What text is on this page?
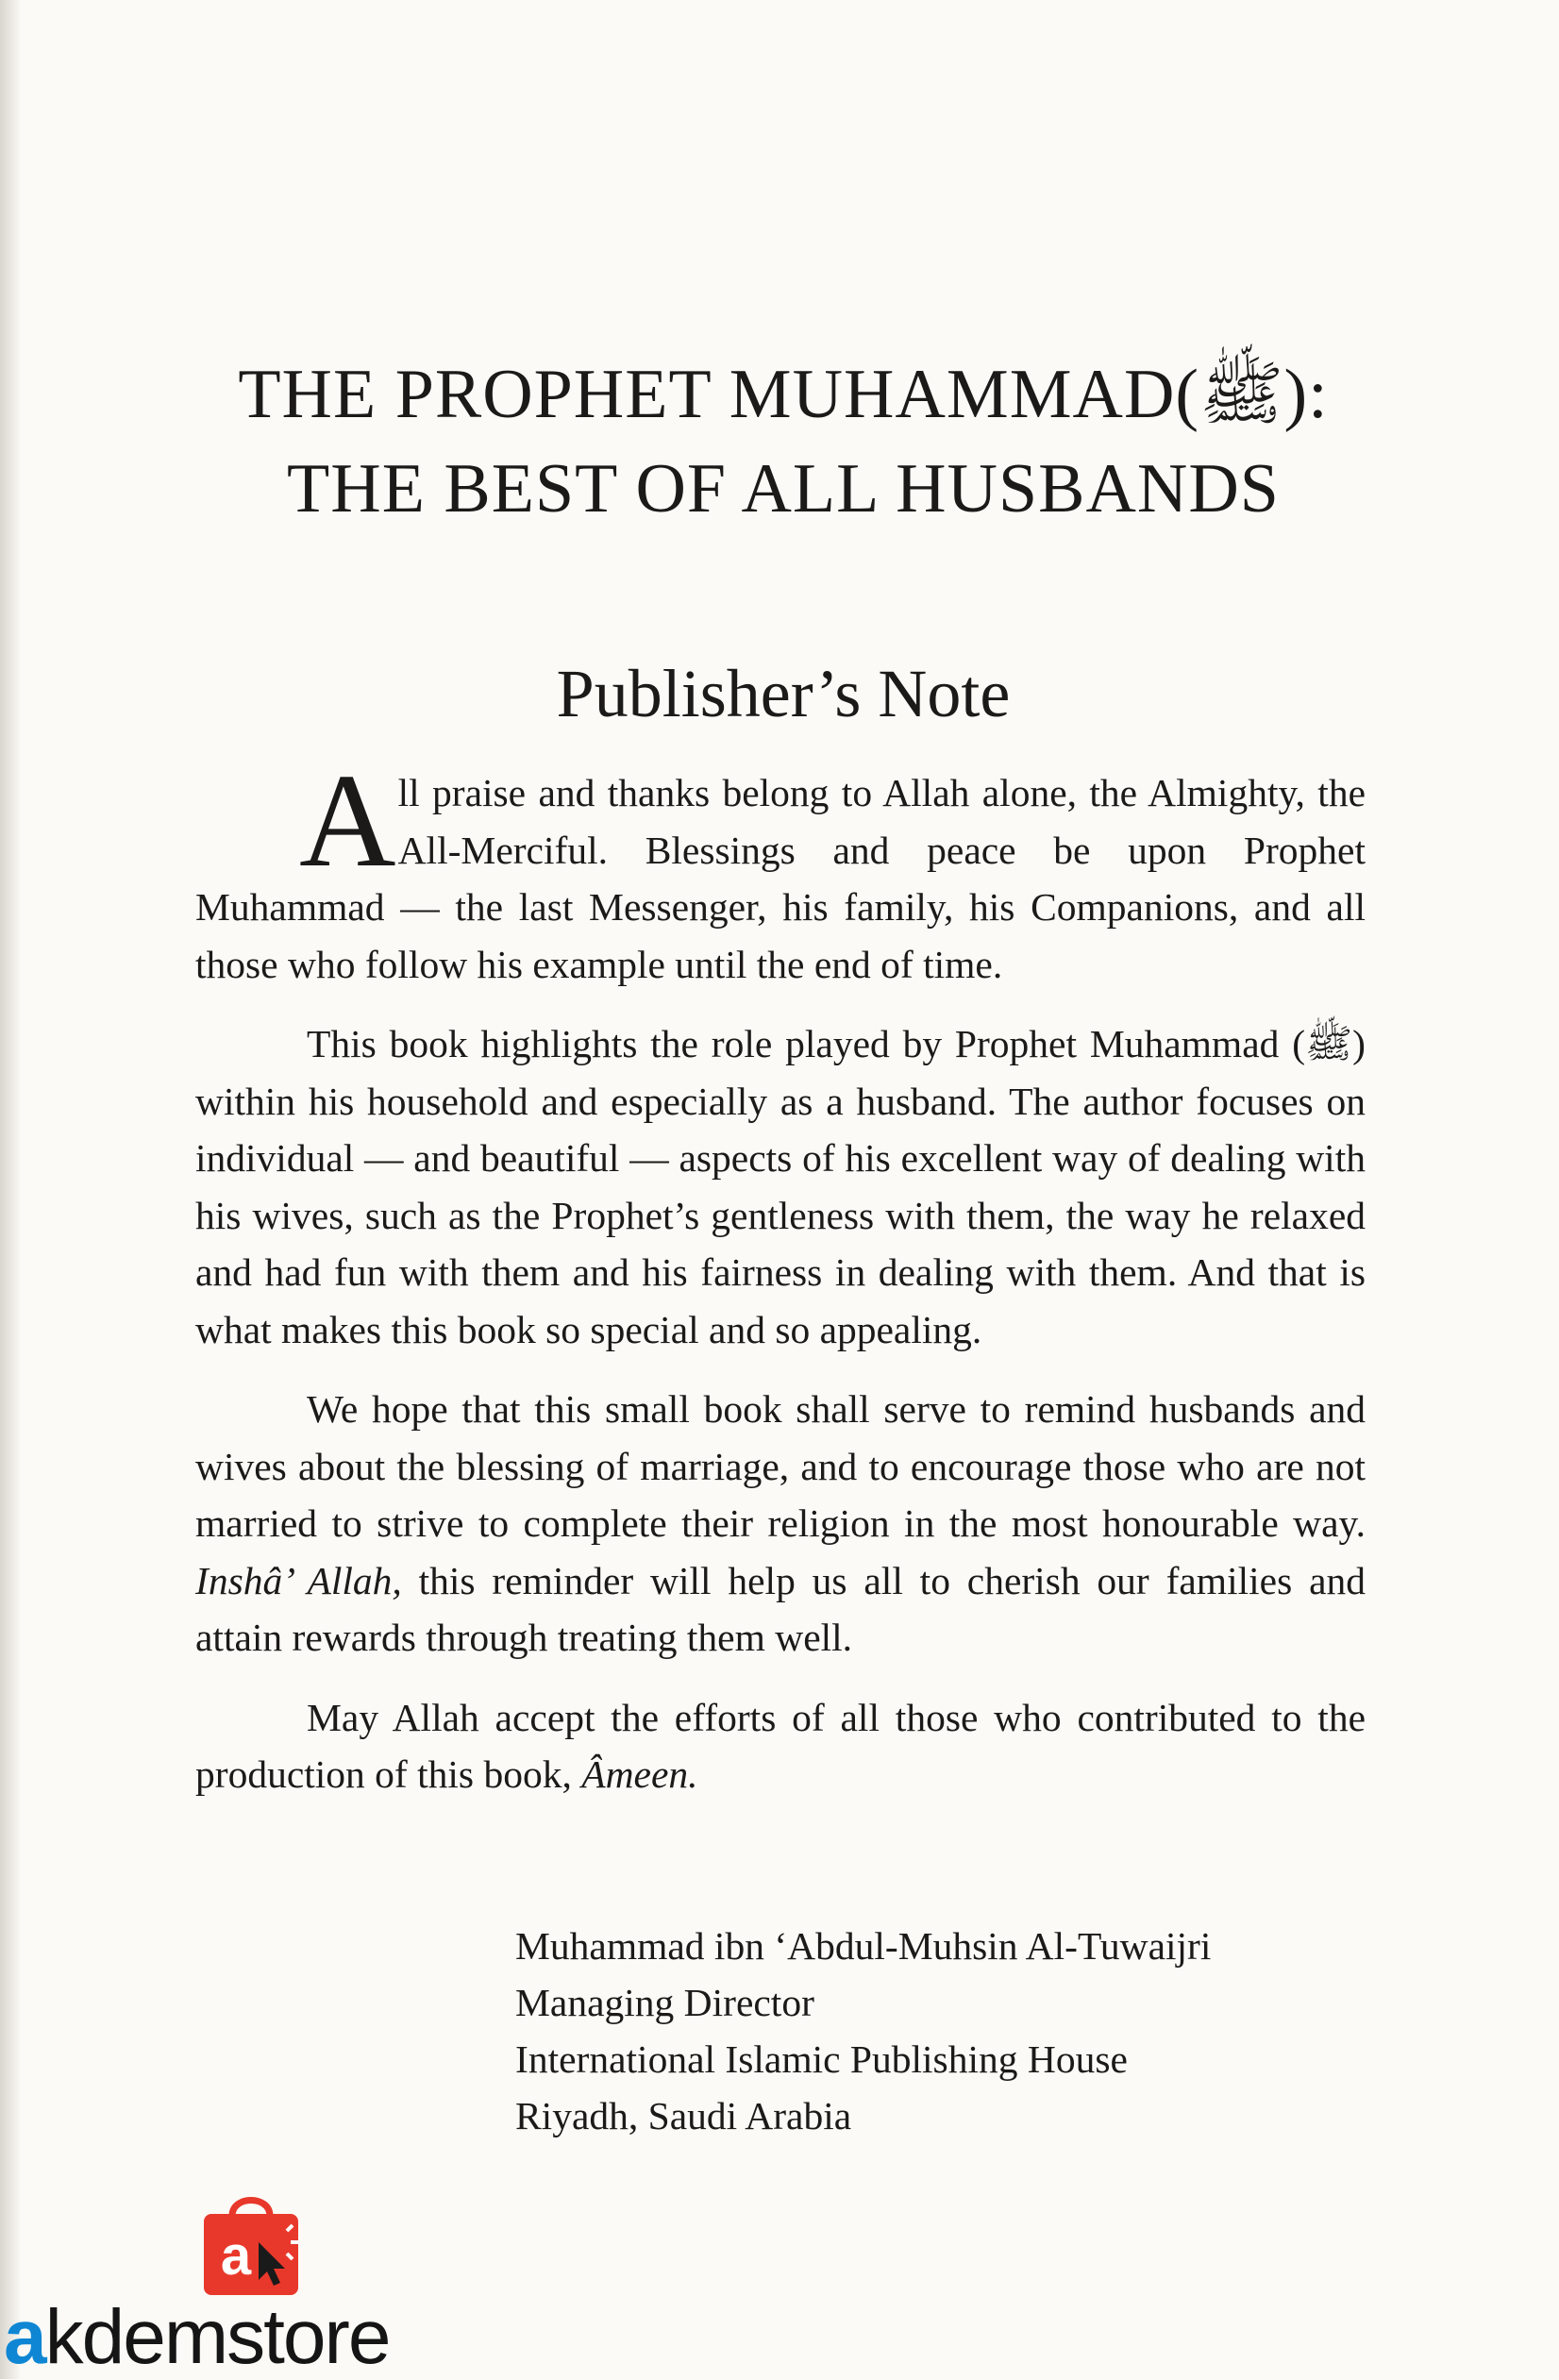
THE PROPHET MUHAMMAD(ﷺ):
THE BEST OF ALL HUSBANDS
Publisher’s Note

All praise and thanks belong to Allah alone, the Almighty, the All-Merciful. Blessings and peace be upon Prophet Muhammad — the last Messenger, his family, his Companions, and all those who follow his example until the end of time.

This book highlights the role played by Prophet Muhammad (ﷺ) within his household and especially as a husband. The author focuses on individual — and beautiful — aspects of his excellent way of dealing with his wives, such as the Prophet’s gentleness with them, the way he relaxed and had fun with them and his fairness in dealing with them. And that is what makes this book so special and so appealing.

We hope that this small book shall serve to remind husbands and wives about the blessing of marriage, and to encourage those who are not married to strive to complete their religion in the most honourable way. Inshâ’ Allah, this reminder will help us all to cherish our families and attain rewards through treating them well.

May Allah accept the efforts of all those who contributed to the production of this book, Âmeen.

Muhammad ibn ‘Abdul-Muhsin Al-Tuwaijri
Managing Director
International Islamic Publishing House
Riyadh, Saudi Arabia
a
akdemstore
